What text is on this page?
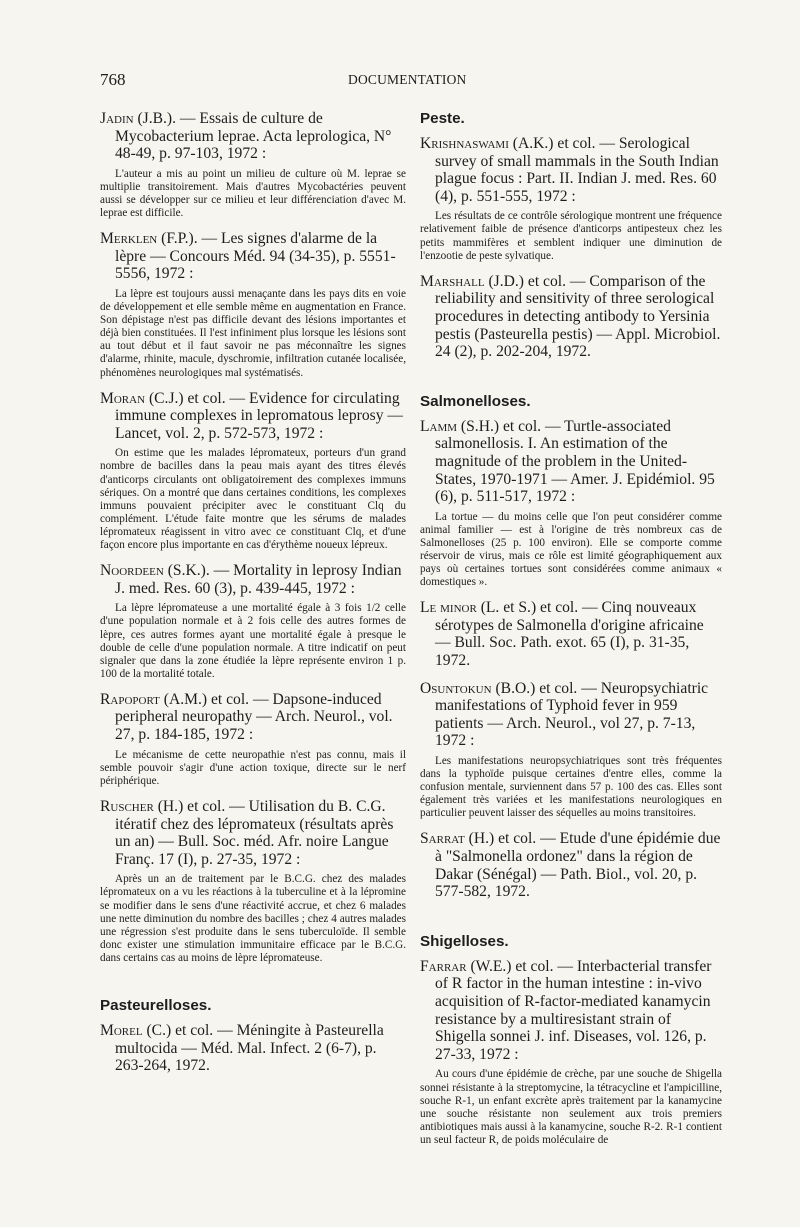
768	DOCUMENTATION

Jadin (J.B.). — Essais de culture de Mycobacterium leprae. Acta leprologica, N° 48-49, p. 97-103, 1972 :

L'auteur a mis au point un milieu de culture où M. leprae se multiplie transitoirement. Mais d'autres Mycobactéries peuvent aussi se développer sur ce milieu et leur différenciation d'avec M. leprae est difficile.

Merklen (F.P.). — Les signes d'alarme de la lèpre — Concours Méd. 94 (34-35), p. 5551-5556, 1972 :

La lèpre est toujours aussi menaçante dans les pays dits en voie de développement et elle semble même en augmentation en France. Son dépistage n'est pas difficile devant des lésions importantes et déjà bien constituées. Il l'est infiniment plus lorsque les lésions sont au tout début et il faut savoir ne pas méconnaître les signes d'alarme, rhinite, macule, dyschromie, infiltration cutanée localisée, phénomènes neurologiques mal systématisés.

Moran (C.J.) et col. — Evidence for circulating immune complexes in lepromatous leprosy — Lancet, vol. 2, p. 572-573, 1972 :

On estime que les malades lépromateux, porteurs d'un grand nombre de bacilles dans la peau mais ayant des titres élevés d'anticorps circulants ont obligatoirement des complexes immuns sériques. On a montré que dans certaines conditions, les complexes immuns pouvaient précipiter avec le constituant Clq du complément. L'étude faite montre que les sérums de malades lépromateux réagissent in vitro avec ce constituant Clq, et d'une façon encore plus importante en cas d'érythème noueux lépreux.

Noordeen (S.K.). — Mortality in leprosy Indian J. med. Res. 60 (3), p. 439-445, 1972 :

La lèpre lépromateuse a une mortalité égale à 3 fois 1/2 celle d'une population normale et à 2 fois celle des autres formes de lèpre, ces autres formes ayant une mortalité égale à presque le double de celle d'une population normale. A titre indicatif on peut signaler que dans la zone étudiée la lèpre représente environ 1 p. 100 de la mortalité totale.

Rapoport (A.M.) et col. — Dapsone-induced peripheral neuropathy — Arch. Neurol., vol. 27, p. 184-185, 1972 :

Le mécanisme de cette neuropathie n'est pas connu, mais il semble pouvoir s'agir d'une action toxique, directe sur le nerf périphérique.

Ruscher (H.) et col. — Utilisation du B. C.G. itératif chez des lépromateux (résultats après un an) — Bull. Soc. méd. Afr. noire Langue Franç. 17 (I), p. 27-35, 1972 :

Après un an de traitement par le B.C.G. chez des malades lépromateux on a vu les réactions à la tuberculine et à la lépromine se modifier dans le sens d'une réactivité accrue, et chez 6 malades une nette diminution du nombre des bacilles ; chez 4 autres malades une régression s'est produite dans le sens tuberculoïde. Il semble donc exister une stimulation immunitaire efficace par le B.C.G. dans certains cas au moins de lèpre lépromateuse.

Pasteurelloses.

Morel (C.) et col. — Méningite à Pasteurella multocida — Méd. Mal. Infect. 2 (6-7), p. 263-264, 1972.

Peste.

Krishnaswami (A.K.) et col. — Serological survey of small mammals in the South Indian plague focus : Part. II. Indian J. med. Res. 60 (4), p. 551-555, 1972 :

Les résultats de ce contrôle sérologique montrent une fréquence relativement faible de présence d'anticorps antipesteux chez les petits mammifères et semblent indiquer une diminution de l'enzootie de peste sylvatique.

Marshall (J.D.) et col. — Comparison of the reliability and sensitivity of three serological procedures in detecting antibody to Yersinia pestis (Pasteurella pestis) — Appl. Microbiol. 24 (2), p. 202-204, 1972.

Salmonelloses.

Lamm (S.H.) et col. — Turtle-associated salmonellosis. I. An estimation of the magnitude of the problem in the United-States, 1970-1971 — Amer. J. Epidémiol. 95 (6), p. 511-517, 1972 :

La tortue — du moins celle que l'on peut considérer comme animal familier — est à l'origine de très nombreux cas de Salmonelloses (25 p. 100 environ). Elle se comporte comme réservoir de virus, mais ce rôle est limité géographiquement aux pays où certaines tortues sont considérées comme animaux « domestiques ».

Le minor (L. et S.) et col. — Cinq nouveaux sérotypes de Salmonella d'origine africaine — Bull. Soc. Path. exot. 65 (I), p. 31-35, 1972.

Osuntokun (B.O.) et col. — Neuropsychiatric manifestations of Typhoid fever in 959 patients — Arch. Neurol., vol 27, p. 7-13, 1972 :

Les manifestations neuropsychiatriques sont très fréquentes dans la typhoïde puisque certaines d'entre elles, comme la confusion mentale, surviennent dans 57 p. 100 des cas. Elles sont également très variées et les manifestations neurologiques en particulier peuvent laisser des séquelles au moins transitoires.

Sarrat (H.) et col. — Etude d'une épidémie due à "Salmonella ordonez" dans la région de Dakar (Sénégal) — Path. Biol., vol. 20, p. 577-582, 1972.

Shigelloses.

Farrar (W.E.) et col. — Interbacterial transfer of R factor in the human intestine : in-vivo acquisition of R-factor-mediated kanamycin resistance by a multiresistant strain of Shigella sonnei J. inf. Diseases, vol. 126, p. 27-33, 1972 :

Au cours d'une épidémie de crèche, par une souche de Shigella sonnei résistante à la streptomycine, la tétracycline et l'ampicilline, souche R-1, un enfant excrète après traitement par la kanamycine une souche résistante non seulement aux trois premiers antibiotiques mais aussi à la kanamycine, souche R-2. R-1 contient un seul facteur R, de poids moléculaire de
